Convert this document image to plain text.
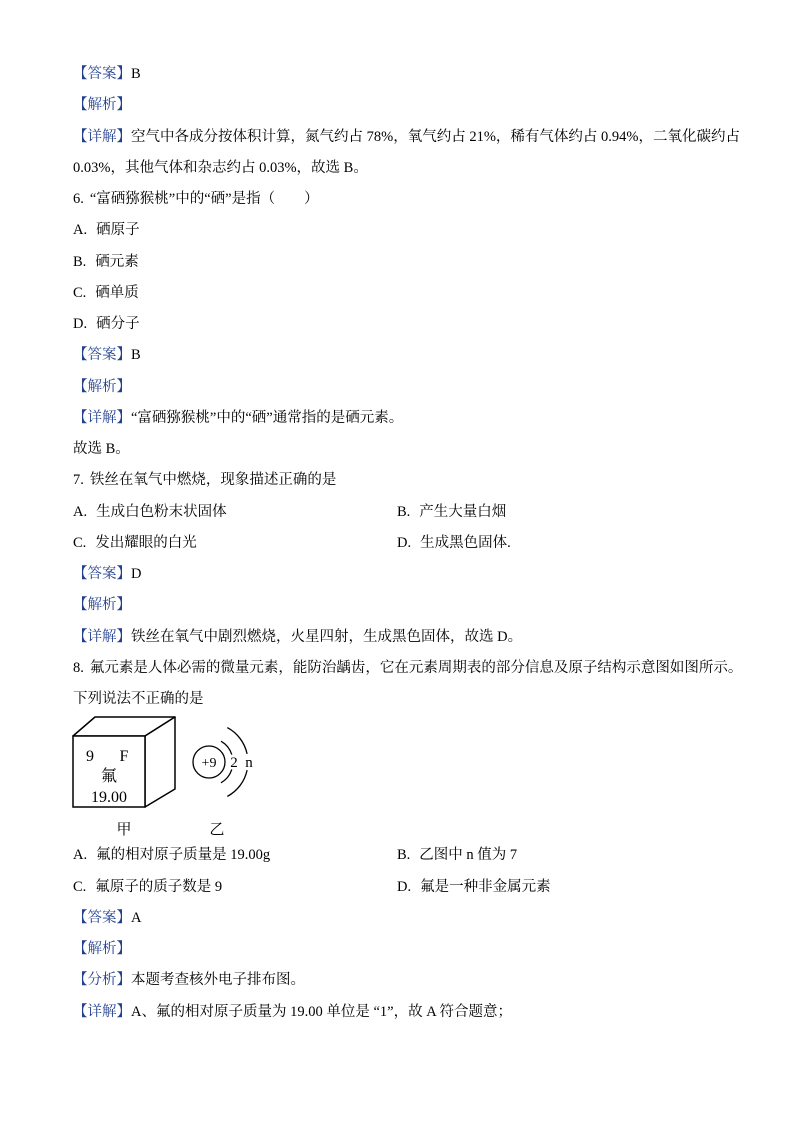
【答案】 B
【解析】
【详解】 空气中各成分按体积计算，氮气约占 78%，氧气约占 21%，稀有气体约占 0.94%，二氧化碳约占
0.03%，其他气体和杂志约占 0.03%，故选 B。
6. “富硒猕猴桃”中的“硒”是指（        ）
A. 硒原子
B. 硒元素
C. 硒单质
D. 硒分子
【答案】 B
【解析】
【详解】 “富硒猕猴桃”中的“硒”通常指的是硒元素。
故选 B。
7. 铁丝在氧气中燃烧，现象描述正确的是
A. 生成白色粉末状固体	B. 产生大量白烟
C. 发出耀眼的白光	D. 生成黑色固体.
【答案】 D
【解析】
【详解】 铁丝在氧气中剧烈燃烧，火星四射，生成黑色固体，故选 D。
8. 氟元素是人体必需的微量元素，能防治龋齿，它在元素周期表的部分信息及原子结构示意图如图所示。
下列说法不正确的是
9 F
氟
19.00
+9 2 n
甲	乙
A. 氟的相对原子质量是 19.00g	B. 乙图中 n 值为 7
C. 氟原子的质子数是 9	D. 氟是一种非金属元素
【答案】 A
【解析】
【分析】 本题考查核外电子排布图。
【详解】 A、氟的相对原子质量为 19.00 单位是 “1”，故 A 符合题意；
